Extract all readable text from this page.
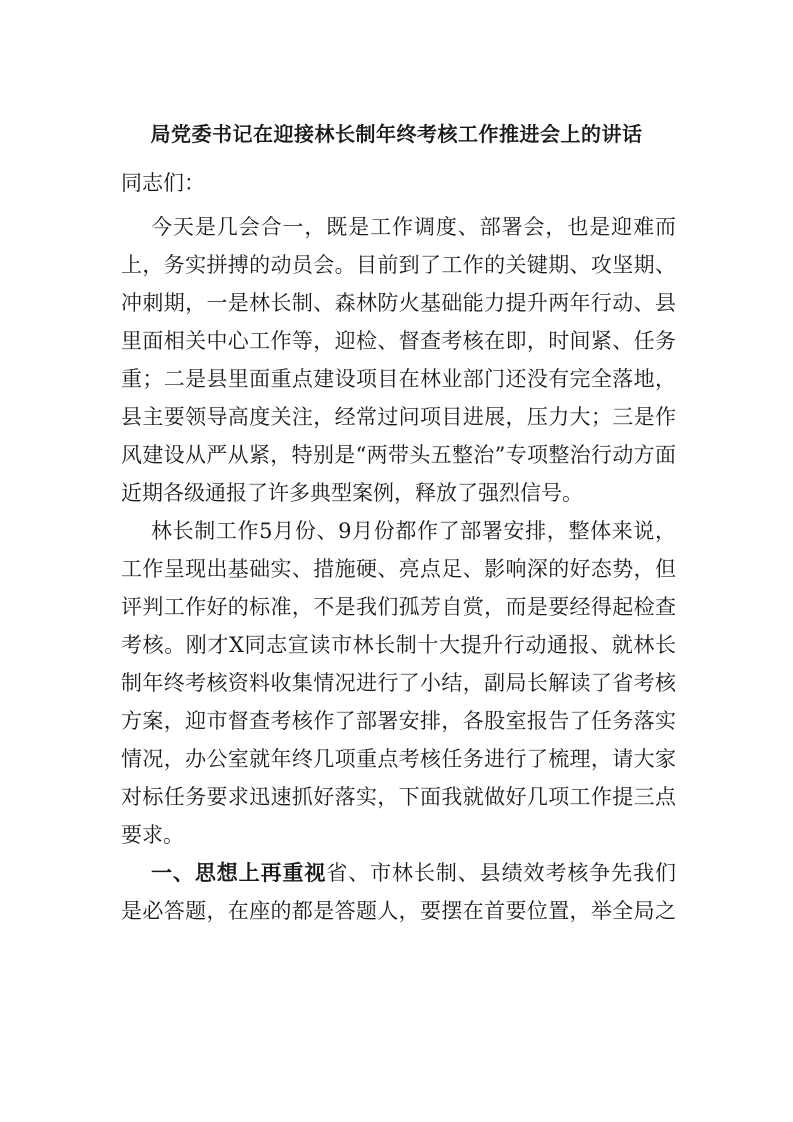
局党委书记在迎接林长制年终考核工作推进会上的讲话
同志们：
今天是几会合一，既是工作调度、部署会，也是迎难而
上，务实拼搏的动员会。目前到了工作的关键期、攻坚期、
冲刺期，一是林长制、森林防火基础能力提升两年行动、县
里面相关中心工作等，迎检、督查考核在即，时间紧、任务
重；二是县里面重点建设项目在林业部门还没有完全落地，
县主要领导高度关注，经常过问项目进展，压力大；三是作
风建设从严从紧，特别是“两带头五整治”专项整治行动方面
近期各级通报了许多典型案例，释放了强烈信号。
林长制工作5月份、9月份都作了部署安排，整体来说，
工作呈现出基础实、措施硬、亮点足、影响深的好态势，但
评判工作好的标准，不是我们孤芳自赏，而是要经得起检查
考核。刚才X同志宣读市林长制十大提升行动通报、就林长
制年终考核资料收集情况进行了小结，副局长解读了省考核
方案，迎市督查考核作了部署安排，各股室报告了任务落实
情况，办公室就年终几项重点考核任务进行了梳理，请大家
对标任务要求迅速抓好落实，下面我就做好几项工作提三点
要求。
一、思想上再重视省、市林长制、县绩效考核争先我们
是必答题，在座的都是答题人，要摆在首要位置，举全局之
